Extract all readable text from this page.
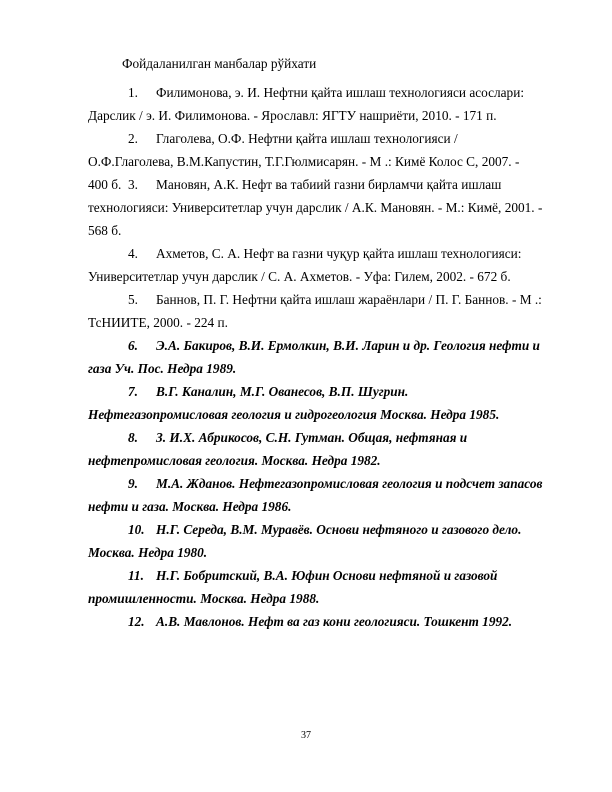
Фойдаланилган манбалар рўйхати
1.	Филимонова, э. И. Нефтни қайта ишлаш технологияси асослари:
Дарслик / э. И. Филимонова. - Ярославл: ЯГТУ нашриёти, 2010. - 171 п.
2.	Глаголева, О.Ф. Нефтни қайта ишлаш технологияси /
О.Ф.Глаголева, В.М.Капустин, Т.Г.Гюлмисарян. - М .: Кимё Колос С, 2007. -
400 б. 3.	Мановян, А.К. Нефт ва табиий газни бирламчи қайта ишлаш
технологияси: Университетлар учун дарслик / А.К. Мановян. - М.: Кимё, 2001. -
568 б.
4.	Ахметов, С. А. Нефт ва газни чуқур қайта ишлаш технологияси:
Университетлар учун дарслик / С. А. Ахметов. - Уфа: Гилем, 2002. - 672 б.
5.	Баннов, П. Г. Нефтни қайта ишлаш жараёнлари / П. Г. Баннов. - М .:
ТсНИИТЕ, 2000. - 224 п.
6.	Э.А. Бакиров, В.И. Ермолкин, В.И. Ларин и др. Геология нефти и
газа Уч. Пос. Недра 1989.
7.	В.Г. Каналин, М.Г. Ованесов, В.П. Шугрин.
Нефтегазопромисловая геология и гидрогеология Москва. Недра 1985.
8.	З. И.Х. Абрикосов, С.Н. Гутман. Общая, нефтяная и
нефтепромисловая геология. Москва. Недра 1982.
9.	М.А. Жданов. Нефтегазопромисловая геология и подсчет запасов
нефти и газа. Москва. Недра 1986.
10. Н.Г. Середа, В.М. Муравёв. Основи нефтяного и газового дело.
Москва. Недра 1980.
11. Н.Г. Бобритский, В.А. Юфин Основи нефтяной и газовой
промишленности. Москва. Недра 1988.
12. А.В. Мавлонов. Нефт ва газ кони геологияси. Тошкент 1992.
37
